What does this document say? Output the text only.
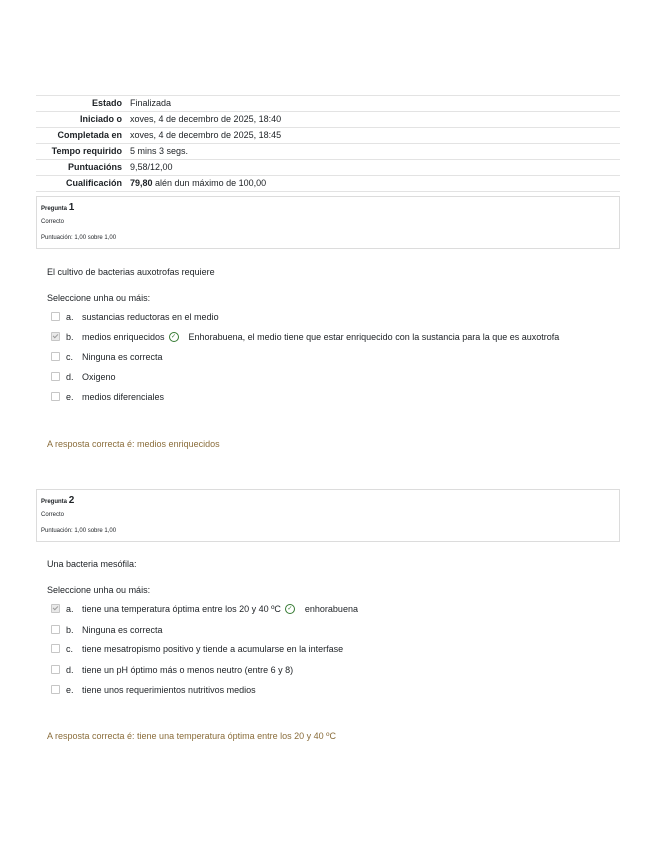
Estado	Finalizada
Iniciado o	xoves, 4 de decembro de 2025, 18:40
Completada en	xoves, 4 de decembro de 2025, 18:45
Tempo requirido	5 mins 3 segs.
Puntuacións	9,58/12,00
Cualificación	79,80 alén dun máximo de 100,00
Pregunta 1
Correcto
Puntuación: 1,00 sobre 1,00
El cultivo de bacterias auxotrofas requiere
Seleccione unha ou máis:
a. sustancias reductoras en el medio
b. medios enriquecidos ✓ Enhorabuena, el medio tiene que estar enriquecido con la sustancia para la que es auxotrofa
c. Ninguna es correcta
d. Oxigeno
e. medios diferenciales
A resposta correcta é: medios enriquecidos
Pregunta 2
Correcto
Puntuación: 1,00 sobre 1,00
Una bacteria mesófila:
Seleccione unha ou máis:
a. tiene una temperatura óptima entre los 20 y 40 ºC ✓ enhorabuena
b. Ninguna es correcta
c. tiene mesatropismo positivo y tiende a acumularse en la interfase
d. tiene un pH óptimo más o menos neutro (entre 6 y 8)
e. tiene unos requerimientos nutritivos medios
A resposta correcta é: tiene una temperatura óptima entre los 20 y 40 ºC
